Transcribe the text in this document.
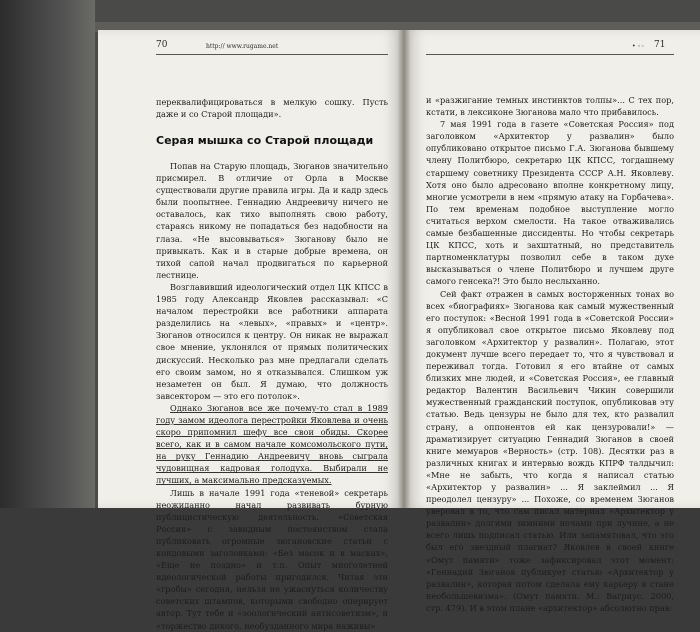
70	http:// www.rugame.net

переквалифицироваться в мелкую сошку. Пусть даже и со Старой площади».

Серая мышка со Старой площади

Попав на Старую площадь, Зюганов значительно присмирел. В отличие от Орла в Москве существовали другие правила игры. Да и кадр здесь были поопытнее. Геннадию Андреевичу ничего не оставалось, как тихо выполнять свою работу, стараясь никому не попадаться без надобности на глаза. «Не высовываться» Зюганову было не привыкать. Как и в старые добрые времена, он тихой сапой начал продвигаться по карьерной лестнице.

Возглавивший идеологический отдел ЦК КПСС в 1985 году Александр Яковлев рассказывал: «С началом перестройки все работники аппарата разделились на «левых», «правых» и «центр». Зюганов относился к центру. Он никак не выражал свое мнение, уклонялся от прямых политических дискуссий. Несколько раз мне предлагали сделать его своим замом, но я отказывался. Слишком уж незаметен он был. Я думаю, что должность завсектором — это его потолок».

Однако Зюганов все же почему-то стал в 1989 году замом идеолога перестройки Яковлева и очень скоро припомнил шефу все свои обиды. Скорее всего, как и в самом начале комсомольского пути, на руку Геннадию Андреевичу вновь сыграла чудовищная кадровая голодуха. Выбирали не лучших, а максимально предсказуемых.

Лишь в начале 1991 года «теневой» секретарь неожиданно начал развивать бурную публицистическую деятельность. «Советская Россия» с завидным постоянством стала публиковать огромные зюгановские статьи с кондовыми заголовками: «Без масок и в масках», «Еще не поздно» и т.п. Опыт многолетней идеологической работы пригодился. Читая эти «гробы» сегодня, нельзя не ужаснуться количеству советских штампов, которыми свободно оперирует автор. Тут тебе и «зоологический антисоветизм», и «торжество дикого, необузданного мира наживы»

• ◦◦ 71

и «разжигание темных инстинктов толпы»... С тех пор, кстати, в лексиконе Зюганова мало что прибавилось.

7 мая 1991 года в газете «Советская Россия» под заголовком «Архитектор у развалин» было опубликовано открытое письмо Г.А. Зюганова бывшему члену Политбюро, секретарю ЦК КПСС, тогдашнему старшему советнику Президента СССР А.Н. Яковлеву. Хотя оно было адресовано вполне конкретному лицу, многие усмотрели в нем «прямую атаку на Горбачева». По тем временам подобное выступление могло считаться верхом смелости. На такое отваживались самые безбашенные диссиденты. Но чтобы секретарь ЦК КПСС, хоть и захштатный, но представитель партноменклатуры позволил себе в таком духе высказываться о члене Политбюро и лучшем друге самого генсека?! Это было неслыханно.

Сей факт отражен в самых восторженных тонах во всех «биографиях» Зюганова как самый мужественный его поступок: «Весной 1991 года в «Советской России» я опубликовал свое открытое письмо Яковлеву под заголовком «Архитектор у развалин». Полагаю, этот документ лучше всего передает то, что я чувствовал и переживал тогда. Готовил я его втайне от самых близких мне людей, и «Советская Россия», ее главный редактор Валентин Васильевич Чикин совершили мужественный гражданский поступок, опубликовав эту статью. Ведь цензуры не было для тех, кто развалил страну, а оппонентов ей как цензуровали!» — драматизирует ситуацию Геннадий Зюганов в своей книге мемуаров «Верность» (стр. 108). Десятки раз в различных книгах и интервью вождь КПРФ талдычил: «Мне не забыть, что когда я написал статью «Архитектор у развалин» ... Я заклеймил ... Я преодолел цензуру» ... Похоже, со временем Зюганов уверовал в то, что сам писал материал «Архитектор у развалин» долгими зимними ночами при лучине, а не всего лишь подписал статью. Или запамятовал, что это был его звездный плагиат? Яковлев в своей книге «Омут памяти» тоже зафиксировал этот момент: «Геннадий Зюганов публикует статью «Архитектор у развалин», которая потом сделала ему карьеру в стане необольшевизма». (Омут памяти. М.: Вагриус. 2000, стр. 479). И в этом плане «архитектор» абсолютно прав:
